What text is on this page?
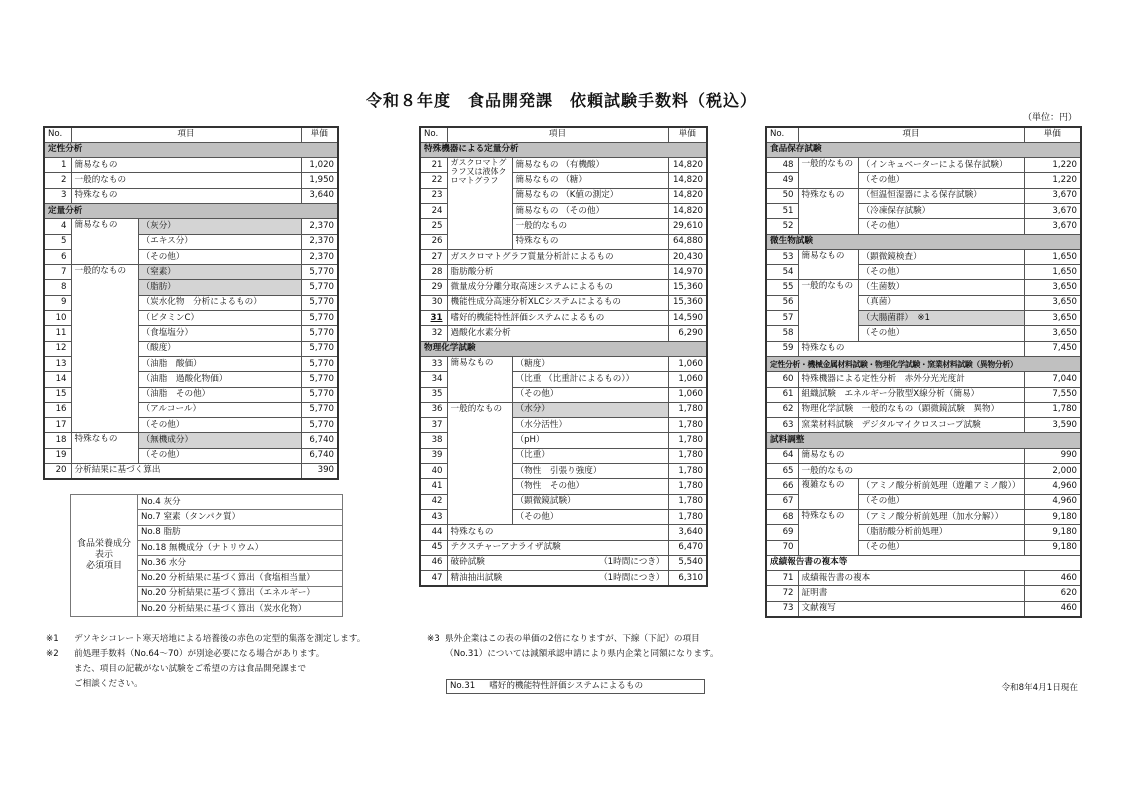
令和８年度　食品開発課　依頼試験手数料（税込）
（単位：円）
No.	項目		単価
定性分析			
1	簡易なもの		1,020
2	一般的なもの		1,950
3	特殊なもの		3,640
定量分析			
4	簡易なもの	（灰分）	2,370
5		（エキス分）	2,370
6		（その他）	2,370
7	一般的なもの	（窒素）	5,770
8		（脂肪）	5,770
9		（炭水化物　分析によるもの）	5,770
10		（ビタミンC）	5,770
11		（食塩塩分）	5,770
12		（酸度）	5,770
13		（油脂　酸価）	5,770
14		（油脂　過酸化物価）	5,770
15		（油脂　その他）	5,770
16		（アルコール）	5,770
17		（その他）	5,770
18	特殊なもの	（無機成分）	6,740
19		（その他）	6,740
20	分析結果に基づく算出		390
食品栄養成分
表示
必須項目
	No.4 灰分
No.7 窒素（タンパク質）
No.8 脂肪
No.18 無機成分（ナトリウム）
No.36 水分
No.20 分析結果に基づく算出（食塩相当量）
No.20 分析結果に基づく算出（エネルギー）
No.20 分析結果に基づく算出（炭水化物）
No.	項目		単価
特殊機器による定量分析			
21	ガスクロマトグラフ又は液体クロマトグラフ	簡易なもの （有機酸）	14,820
22		簡易なもの （糖）	14,820
23		簡易なもの （K値の測定）	14,820
24		簡易なもの （その他）	14,820
25		一般的なもの	29,610
26		特殊なもの	64,880
27	ガスクロマトグラフ質量分析計によるもの		20,430
28	脂肪酸分析		14,970
29	微量成分分離分取高速システムによるもの		15,360
30	機能性成分高速分析XLCシステムによるもの		15,360
31	嗜好的機能特性評価システムによるもの		14,590
32	過酸化水素分析		6,290
物理化学試験			
33	簡易なもの	（糖度）	1,060
34		（比重 （比重計によるもの））	1,060
35		（その他）	1,060
36	一般的なもの	（水分）	1,780
37		（水分活性）	1,780
38		（pH）	1,780
39		（比重）	1,780
40		（物性　引張り強度）	1,780
41		（物性　その他）	1,780
42		（顕微鏡試験）	1,780
43		（その他）	1,780
44	特殊なもの		3,640
45	テクスチャーアナライザ試験		6,470
46	破砕試験 （1時間につき）		5,540
47	精油抽出試験 （1時間につき）		6,310
No.	項目		単価
食品保存試験			
48	一般的なもの	（インキュベーターによる保存試験）	1,220
49		（その他）	1,220
50	特殊なもの	（恒温恒湿器による保存試験）	3,670
51		（冷凍保存試験）	3,670
52		（その他）	3,670
微生物試験			
53	簡易なもの	（顕微鏡検査）	1,650
54		（その他）	1,650
55	一般的なもの	（生菌数）	3,650
56		（真菌）	3,650
57		（大腸菌群）　※1	3,650
58		（その他）	3,650
59	特殊なもの		7,450
定性分析・機械金属材料試験・物理化学試験・窯業材料試験（異物分析）			
60	特殊機器による定性分析　赤外分光光度計		7,040
61	組織試験　エネルギー分散型X線分析（簡易）		7,550
62	物理化学試験　一般的なもの（顕微鏡試験　異物）		1,780
63	窯業材料試験　デジタルマイクロスコープ試験		3,590
試料調整			
64	簡易なもの		990
65	一般的なもの		2,000
66	複雑なもの	（アミノ酸分析前処理（遊離アミノ酸））	4,960
67		（その他）	4,960
68	特殊なもの	（アミノ酸分析前処理（加水分解））	9,180
69		（脂肪酸分析前処理）	9,180
70		（その他）	9,180
成績報告書の複本等			
71	成績報告書の複本		460
72	証明書		620
73	文献複写		460
※1 デソキシコレート寒天培地による培養後の赤色の定型的集落を測定します。
※2 前処理手数料（No.64～70）が別途必要になる場合があります。
また、項目の記載がない試験をご希望の方は食品開発課まで
ご相談ください。
※3 県外企業はこの表の単価の2倍になりますが、下線（下記）の項目
（No.31）については減額承認申請により県内企業と同額になります。
No.31 嗜好的機能特性評価システムによるもの	令和8年4月1日現在
